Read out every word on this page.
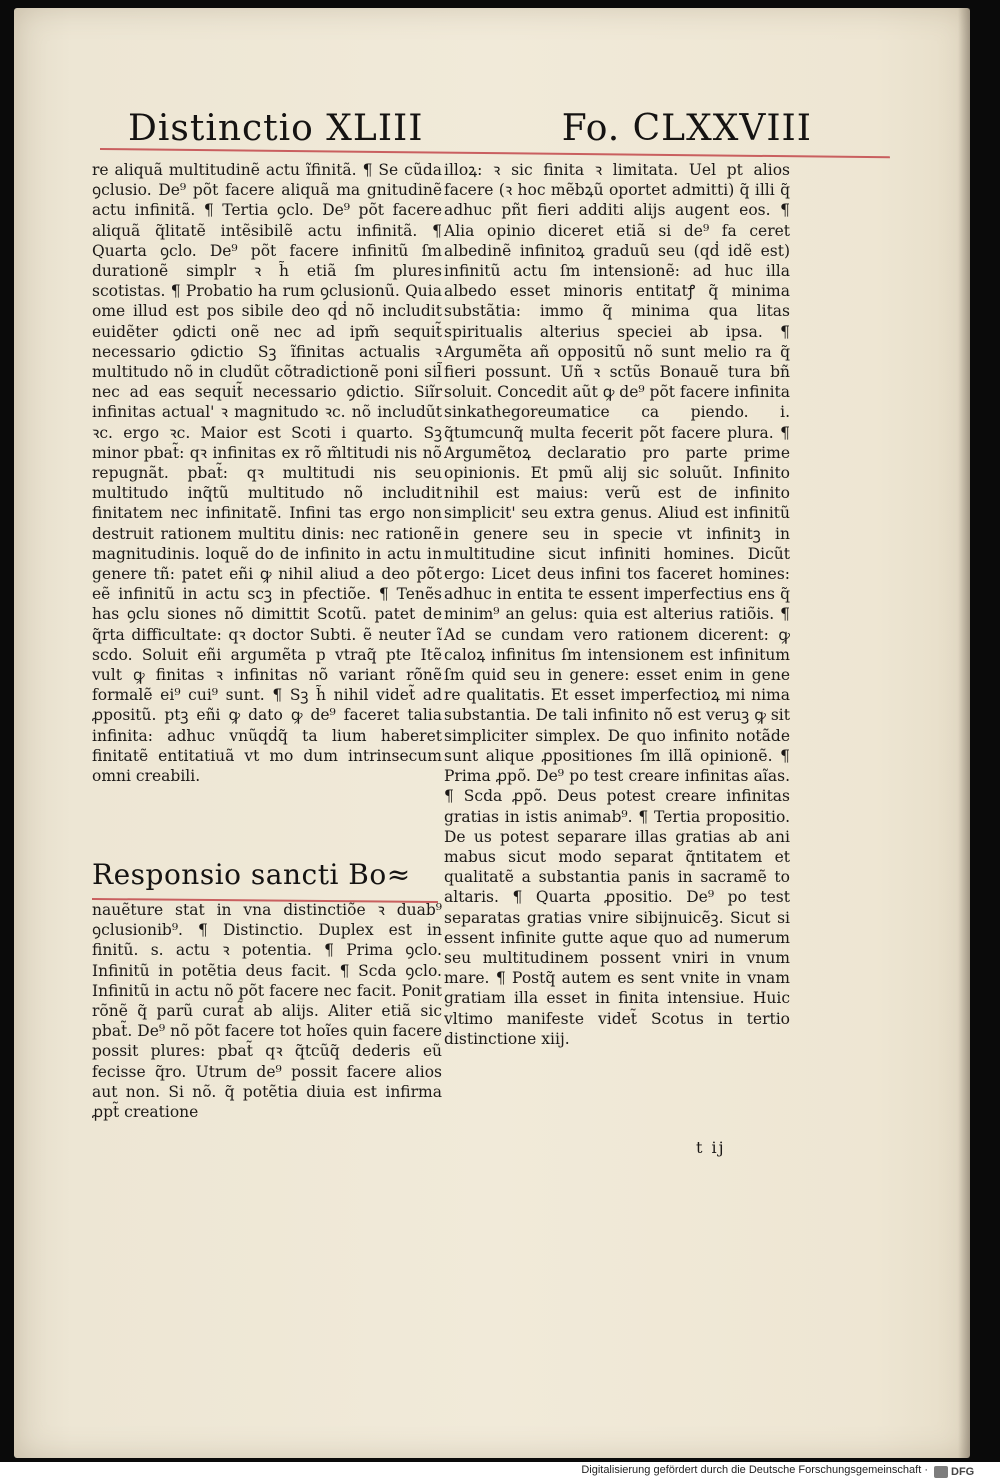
Distinctio XLIII	Fo. CLXXVIII

re aliquã multitudinẽ actu ĩfinitã. ¶ Se cũda ꝯclusio. De⁹ põt facere aliquã ma gnitudinẽ actu infinitã. ¶ Tertia ꝯclo. De⁹ põt facere aliquã q̃litatẽ intẽsibilẽ actu infinitã. ¶ Quarta ꝯclo. De⁹ põt facere infinitũ ſm durationẽ simplr ꝛ h̃ etiã ſm plures scotistas. ¶ Probatio ha rum ꝯclusionũ. Quia ome illud est pos sibile deo qḋ nõ includit euidẽter ꝯdicti onẽ nec ad ipm̃ sequit̃ necessario ꝯdictio Sꝫ ĩfinitas actualis ꝛ multitudo nõ in cludũt cõtradictionẽ poni sil̃ nec ad eas sequit̃ necessario ꝯdictio. Siĩr infinitas actual' ꝛ magnitudo ꝛc. nõ includũt ꝛc. ergo ꝛc. Maior est Scoti i quarto. Sꝫ minor pbat̃: qꝛ infinitas ex rõ m̃ltitudi nis nõ repugnãt. pbat̃: qꝛ multitudi nis seu multitudo inq̃tũ multitudo nõ includit finitatem nec infinitatẽ. Infini tas ergo non destruit rationem multitu dinis: nec rationẽ magnitudinis. loquẽ do de infinito in actu in genere tñ: patet eñi ꝙ nihil aliud a deo põt eẽ infinitũ in actu scꝫ in pfectiõe. ¶ Tenẽs has ꝯclu siones nõ dimittit Scotũ. patet de q̃rta difficultate: qꝛ doctor Subti. ẽ neuter ĩ scdo. Soluit eñi argumẽta p vtraq̃ pte Itẽ vult ꝙ finitas ꝛ infinitas nõ variant rõnẽ formalẽ ei⁹ cui⁹ sunt. ¶ Sꝫ h̃ nihil videt̃ ad ꝓpositũ. ptꝫ eñi ꝙ dato ꝙ de⁹ faceret talia infinita: adhuc vnũqḋq̃ ta lium haberet finitatẽ entitatiuã vt mo dum intrinsecum omni creabili.

Responsio sancti Bo≈

nauẽture stat in vna distinctiõe ꝛ duab⁹ ꝯclusionib⁹. ¶ Distinctio. Duplex est in finitũ. s. actu ꝛ potentia. ¶ Prima ꝯclo. Infinitũ in potẽtia deus facit. ¶ Scda ꝯclo. Infinitũ in actu nõ põt facere nec facit. Ponit rõnẽ q̃ parũ curat̃ ab alijs. Aliter etiã sic pbat̃. De⁹ nõ põt facere tot hoĩes quin facere possit plures: pbat̃ qꝛ q̃tcũq̃ dederis eũ fecisse q̃ro. Utrum de⁹ possit facere alios aut non. Si nõ. q̃ potẽtia diuia est infirma ꝓpt̃ creatione

illoꝝ: ꝛ sic finita ꝛ limitata. Uel pt alios facere (ꝛ hoc mẽbꝝũ oportet admitti) q̃ illi q̃ adhuc pñt fieri additi alijs augent eos. ¶ Alia opinio diceret etiã si de⁹ fa ceret albedinẽ infinitoꝝ graduũ seu (qḋ idẽ est) infinitũ actu ſm intensionẽ: ad huc illa albedo esset minoris entitatꝭ q̃ minima substãtia: immo q̃ minima qua litas spiritualis alterius speciei ab ipsa. ¶ Argumẽta añ oppositũ nõ sunt melio ra q̃ fieri possunt. Uñ ꝛ sctũs Bonauẽ tura bñ soluit. Concedit aũt ꝙ de⁹ põt facere infinita sinkathegoreumatice ca piendo. i. q̃tumcunq̃ multa fecerit põt facere plura. ¶ Argumẽtoꝝ declaratio pro parte prime opinionis. Et pmũ alij sic soluũt. Infinito nihil est maius: verũ est de infinito simplicit' seu extra genus. Aliud est infinitũ in genere seu in specie vt infinitꝫ in multitudine sicut infiniti homines. Dicũt ergo: Licet deus infini tos faceret homines: adhuc in entita te essent imperfectius ens q̃ minim⁹ an gelus: quia est alterius ratiõis. ¶ Ad se cundam vero rationem dicerent: ꝙ caloꝝ infinitus ſm intensionem est infinitum ſm quid seu in genere: esset enim in gene re qualitatis. Et esset imperfectioꝝ mi nima substantia. De tali infinito nõ est veruꝫ ꝙ sit simpliciter simplex. De quo infinito notãde sunt alique ꝓpositiones ſm illã opinionẽ. ¶ Prima ꝓpõ. De⁹ po test creare infinitas aĩas. ¶ Scda ꝓpõ. Deus potest creare infinitas gratias in istis animab⁹. ¶ Tertia propositio. De us potest separare illas gratias ab ani mabus sicut modo separat q̃ntitatem et qualitatẽ a substantia panis in sacramẽ to altaris. ¶ Quarta ꝓpositio. De⁹ po test separatas gratias vnire sibijnuicẽꝫ. Sicut si essent infinite gutte aque quo ad numerum seu multitudinem possent vniri in vnum mare. ¶ Postq̃ autem es sent vnite in vnam gratiam illa esset in finita intensiue. Huic vltimo manifeste videt̃ Scotus in tertio distinctione xiij.

t ij
Digitalisierung gefördert durch die Deutsche Forschungsgemeinschaft · DFG
